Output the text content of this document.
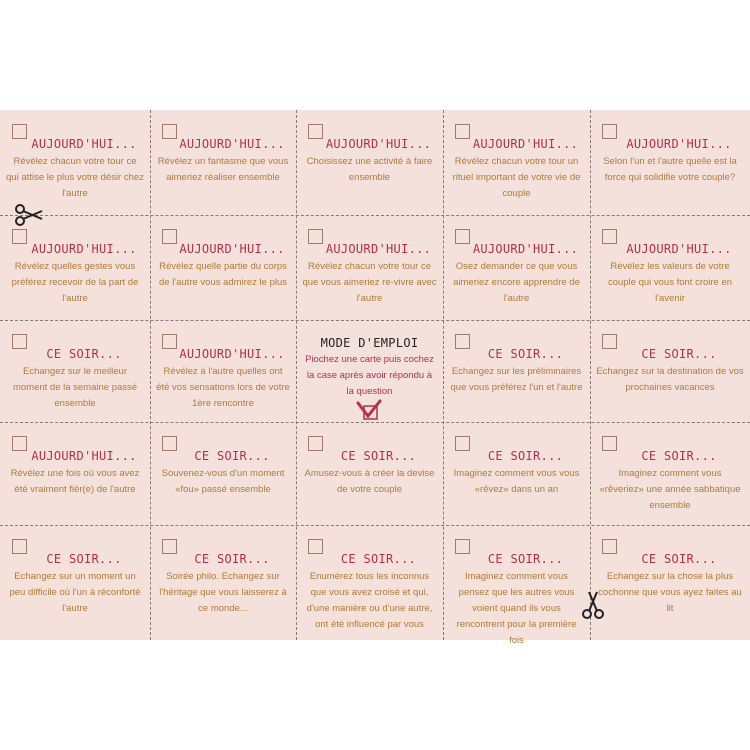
AUJOURD'HUI...
Révélez chacun votre tour ce qui attise le plus votre désir chez l'autre
AUJOURD'HUI...
Révélez un fantasme que vous aimeriez réaliser ensemble
AUJOURD'HUI...
Choisissez une activité à faire ensemble
AUJOURD'HUI...
Révélez chacun votre tour un rituel important de votre vie de couple
AUJOURD'HUI...
Selon l'un et l'autre quelle est la force qui solidifie votre couple?
AUJOURD'HUI...
Révélez quelles gestes vous préférez recevoir de la part de l'autre
AUJOURD'HUI...
Révélez quelle partie du corps de l'autre vous admirez le plus
AUJOURD'HUI...
Révélez chacun votre tour ce que vous aimeriez re-vivre avec l'autre
AUJOURD'HUI...
Osez demander ce que vous aimeriez encore apprendre de l'autre
AUJOURD'HUI...
Révélez les valeurs de votre couple qui vous font croire en l'avenir
CE SOIR...
Echangez sur le meilleur moment de la semaine passé ensemble
AUJOURD'HUI...
Révélez à l'autre quelles ont été vos sensations lors de votre 1ère rencontre
MODE D'EMPLOI
Piochez une carte puis cochez la case après avoir répondu à la question
CE SOIR...
Echangez sur les préliminaires que vous préférez l'un et l'autre
CE SOIR...
Echangez sur la destination de vos prochaines vacances
AUJOURD'HUI...
Révélez une fois où vous avez été vraiment fièr(e) de l'autre
CE SOIR...
Souvenez-vous d'un moment «fou» passé ensemble
CE SOIR...
Amusez-vous à créer la devise de votre couple
CE SOIR...
Imaginez comment vous vous «rêvez» dans un an
CE SOIR...
Imaginez comment vous «rêveriez» une année sabbatique ensemble
CE SOIR...
Echangez sur un moment un peu difficile où l'un à réconforté l'autre
CE SOIR...
Soirée philo. Echangez sur l'héritage que vous laisserez à ce monde...
CE SOIR...
Enumérez tous les inconnus que vous avez croisé et qui, d'une manière ou d'une autre, ont été influencé par vous
CE SOIR...
Imaginez comment vous pensez que les autres vous voient quand ils vous rencontrent pour la première fois
CE SOIR...
Echangez sur la chose la plus cochonne que vous ayez faites au lit
